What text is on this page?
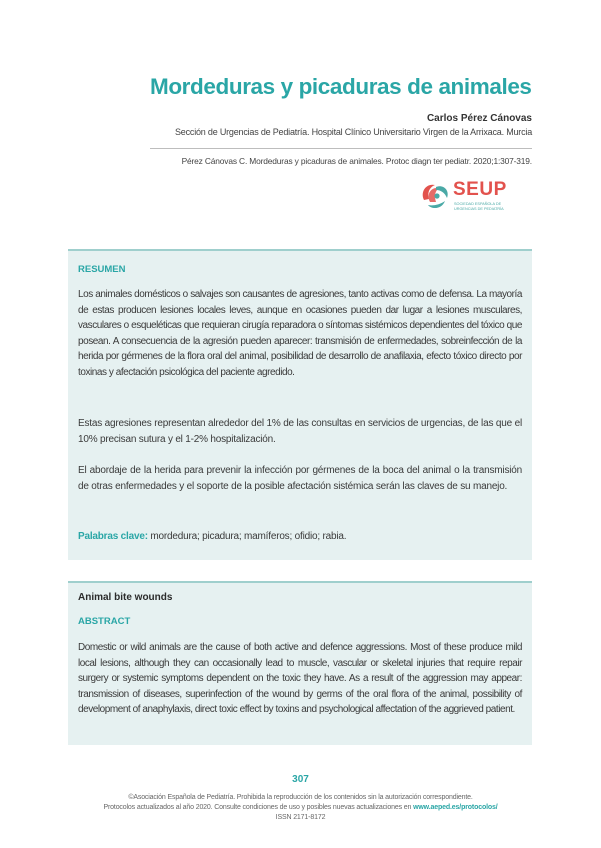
Mordeduras y picaduras de animales
Carlos Pérez Cánovas
Sección de Urgencias de Pediatría. Hospital Clínico Universitario Virgen de la Arrixaca. Murcia
Pérez Cánovas C. Mordeduras y picaduras de animales. Protoc diagn ter pediatr. 2020;1:307-319.
SEUP
SOCIEDAD ESPAÑOLA DE
URGENCIAS DE PEDIATRÍA
RESUMEN

Los animales domésticos o salvajes son causantes de agresiones, tanto activas como de defensa. La mayoría de estas producen lesiones locales leves, aunque en ocasiones pueden dar lugar a lesiones musculares, vasculares o esqueléticas que requieran cirugía reparadora o síntomas sistémicos dependientes del tóxico que posean. A consecuencia de la agresión pueden aparecer: transmisión de enfermedades, sobreinfección de la herida por gérmenes de la flora oral del animal, posibilidad de desarrollo de anafilaxia, efecto tóxico directo por toxinas y afectación psicológica del paciente agredido.

Estas agresiones representan alrededor del 1% de las consultas en servicios de urgencias, de las que el 10% precisan sutura y el 1-2% hospitalización.

El abordaje de la herida para prevenir la infección por gérmenes de la boca del animal o la transmisión de otras enfermedades y el soporte de la posible afectación sistémica serán las claves de su manejo.

Palabras clave: mordedura; picadura; mamíferos; ofidio; rabia.
Animal bite wounds
ABSTRACT

Domestic or wild animals are the cause of both active and defence aggressions. Most of these produce mild local lesions, although they can occasionally lead to muscle, vascular or skeletal injuries that require repair surgery or systemic symptoms dependent on the toxic they have. As a result of the aggression may appear: transmission of diseases, superinfection of the wound by germs of the oral flora of the animal, possibility of development of anaphylaxis, direct toxic effect by toxins and psychological affectation of the aggrieved patient.

307
©Asociación Española de Pediatría. Prohibida la reproducción de los contenidos sin la autorización correspondiente.
Protocolos actualizados al año 2020. Consulte condiciones de uso y posibles nuevas actualizaciones en www.aeped.es/protocolos/
ISSN 2171-8172
